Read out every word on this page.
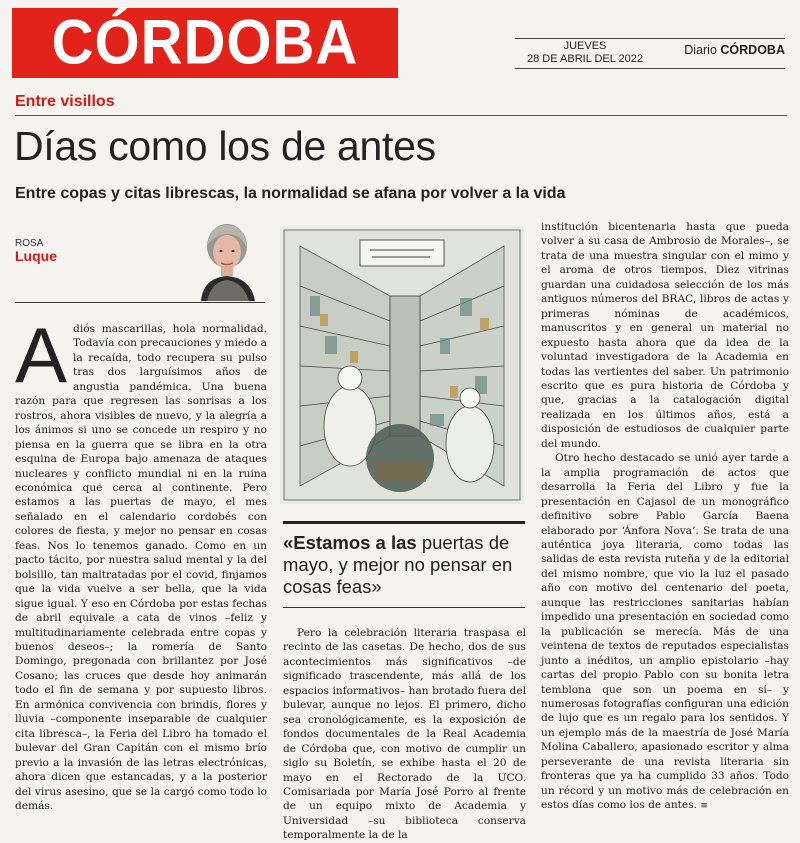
CÓRDOBA	JUEVES
28 DE ABRIL DEL 2022
Diario CÓRDOBA
Entre visillos
Días como los de antes
Entre copas y citas librescas, la normalidad se afana por volver a la vida
ROSA
Luque
A diós mascarillas, hola normalidad. Todavía con precauciones y miedo a la recaída, todo recupera su pulso tras dos larguísimos años de angustia pandémica. Una buena razón para que regresen las sonrisas a los rostros, ahora visibles de nuevo, y la alegría a los ánimos si uno se concede un respiro y no piensa en la guerra que se libra en la otra esquina de Europa bajo amenaza de ataques nucleares y conflicto mundial ni en la ruina económica que cerca al continente. Pero estamos a las puertas de mayo, el mes señalado en el calendario cordobés con colores de fiesta, y mejor no pensar en cosas feas. Nos lo tenemos ganado. Como en un pacto tácito, por nuestra salud mental y la del bolsillo, tan maltratadas por el covid, finjamos que la vida vuelve a ser bella, que la vida sigue igual. Y eso en Córdoba por estas fechas de abril equivale a cata de vinos –feliz y multitudinariamente celebrada entre copas y buenos deseos–; la romería de Santo Domingo, pregonada con brillantez por José Cosano; las cruces que desde hoy animarán todo el fin de semana y por supuesto libros. En armónica convivencia con brindis, flores y lluvia –componente inseparable de cualquier cita libresca–, la Feria del Libro ha tomado el bulevar del Gran Capitán con el mismo brío previo a la invasión de las letras electrónicas, ahora dicen que estancadas, y a la posterior del virus asesino, que se la cargó como todo lo demás.

«Estamos a las puertas de mayo, y mejor no pensar en cosas feas»

Pero la celebración literaria traspasa el recinto de las casetas. De hecho, dos de sus acontecimientos más significativos –de significado trascendente, más allá de los espacios informativos– han brotado fuera del bulevar, aunque no lejos. El primero, dicho sea cronológicamente, es la exposición de fondos documentales de la Real Academia de Córdoba que, con motivo de cumplir un siglo su Boletín, se exhibe hasta el 20 de mayo en el Rectorado de la UCO. Comisariada por María José Porro al frente de un equipo mixto de Academia y Universidad –su biblioteca conserva temporalmente la de la

institución bicentenaria hasta que pueda volver a su casa de Ambrosio de Morales–, se trata de una muestra singular con el mimo y el aroma de otros tiempos. Diez vitrinas guardan una cuidadosa selección de los más antiguos números del BRAC, libros de actas y primeras nóminas de académicos, manuscritos y en general un material no expuesto hasta ahora que da idea de la voluntad investigadora de la Academia en todas las vertientes del saber. Un patrimonio escrito que es pura historia de Córdoba y que, gracias a la catalogación digital realizada en los últimos años, está a disposición de estudiosos de cualquier parte del mundo.

Otro hecho destacado se unió ayer tarde a la amplia programación de actos que desarrolla la Feria del Libro y fue la presentación en Cajasol de un monográfico definitivo sobre Pablo García Baena elaborado por ‘Ánfora Nova’. Se trata de una auténtica joya literaria, como todas las salidas de esta revista ruteña y de la editorial del mismo nombre, que vio la luz el pasado año con motivo del centenario del poeta, aunque las restricciones sanitarias habían impedido una presentación en sociedad como la publicación se merecía. Más de una veintena de textos de reputados especialistas junto a inéditos, un amplio epistolario –hay cartas del propio Pablo con su bonita letra temblona que son un poema en sí– y numerosas fotografías configuran una edición de lujo que es un regalo para los sentidos. Y un ejemplo más de la maestría de José María Molina Caballero, apasionado escritor y alma perseverante de una revista literaria sin fronteras que ya ha cumplido 33 años. Todo un récord y un motivo más de celebración en estos días como los de antes. ≡
